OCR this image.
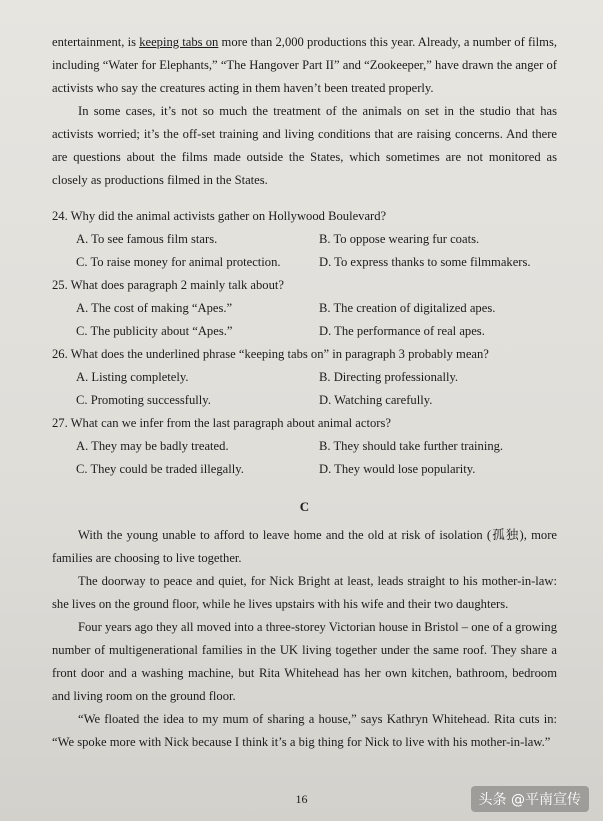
entertainment, is keeping tabs on more than 2,000 productions this year. Already, a number of films, including “Water for Elephants,” “The Hangover Part II” and “Zookeeper,” have drawn the anger of activists who say the creatures acting in them haven’t been treated properly.

In some cases, it’s not so much the treatment of the animals on set in the studio that has activists worried; it’s the off-set training and living conditions that are raising concerns. And there are questions about the films made outside the States, which sometimes are not monitored as closely as productions filmed in the States.

24. Why did the animal activists gather on Hollywood Boulevard?

A. To see famous film stars.	B. To oppose wearing fur coats.
C. To raise money for animal protection.	D. To express thanks to some filmmakers.

25. What does paragraph 2 mainly talk about?

A. The cost of making “Apes.”	B. The creation of digitalized apes.
C. The publicity about “Apes.”	D. The performance of real apes.

26. What does the underlined phrase “keeping tabs on” in paragraph 3 probably mean?

A. Listing completely.	B. Directing professionally.
C. Promoting successfully.	D. Watching carefully.

27. What can we infer from the last paragraph about animal actors?

A. They may be badly treated.	B. They should take further training.
C. They could be traded illegally.	D. They would lose popularity.
C

With the young unable to afford to leave home and the old at risk of isolation (孤独), more families are choosing to live together.

The doorway to peace and quiet, for Nick Bright at least, leads straight to his mother-in-law: she lives on the ground floor, while he lives upstairs with his wife and their two daughters.

Four years ago they all moved into a three-storey Victorian house in Bristol – one of a growing number of multigenerational families in the UK living together under the same roof. They share a front door and a washing machine, but Rita Whitehead has her own kitchen, bathroom, bedroom and living room on the ground floor.

“We floated the idea to my mum of sharing a house,” says Kathryn Whitehead. Rita cuts in: “We spoke more with Nick because I think it’s a big thing for Nick to live with his mother-in-law.”

16	头条 @平南宣传
